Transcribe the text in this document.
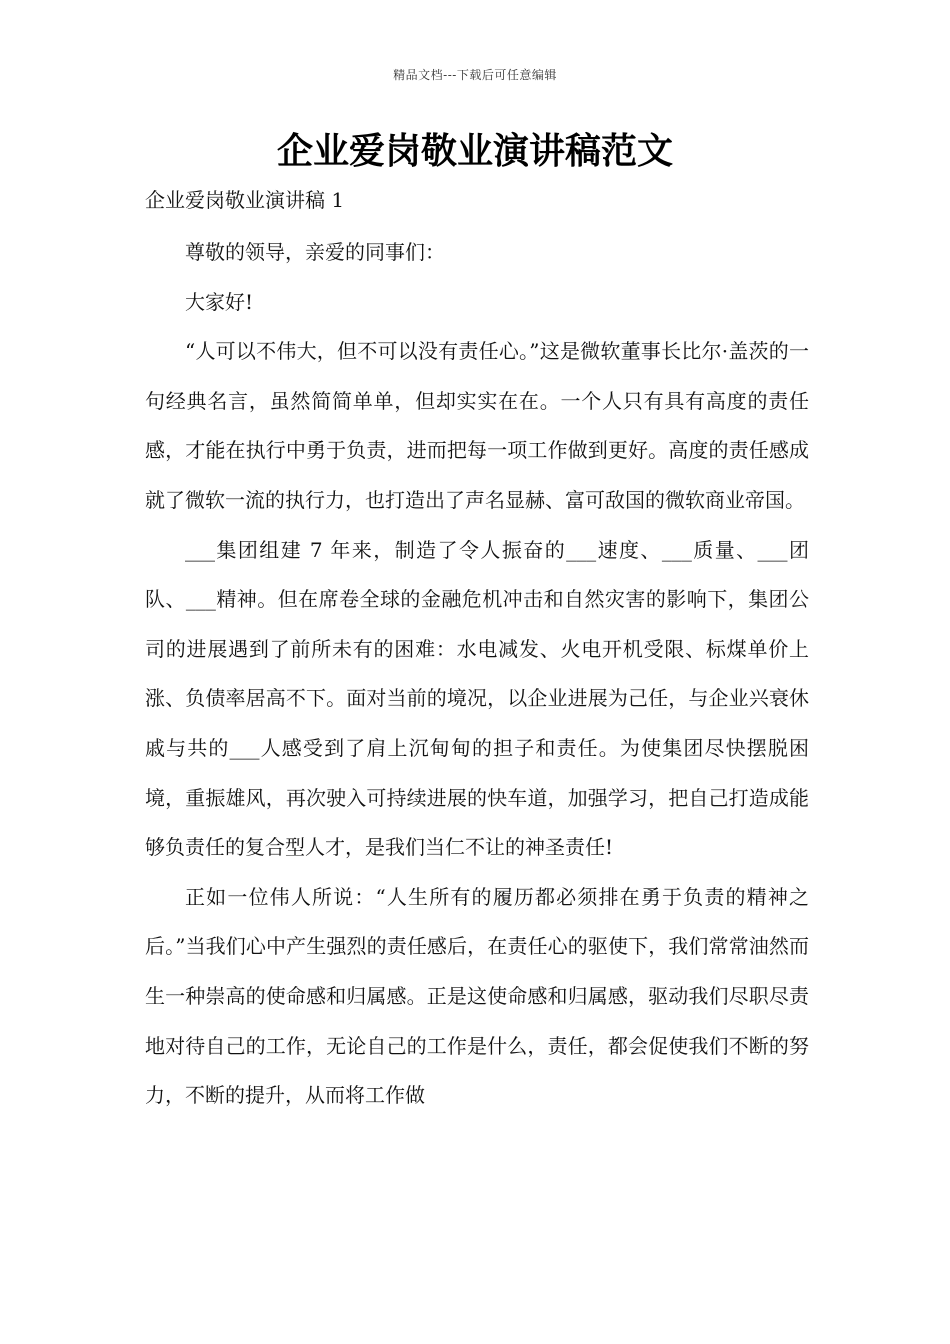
精品文档---下载后可任意编辑
企业爱岗敬业演讲稿范文
企业爱岗敬业演讲稿 1

尊敬的领导，亲爱的同事们：

大家好!

“人可以不伟大，但不可以没有责任心。”这是微软董事长比尔·盖茨的一句经典名言，虽然简简单单，但却实实在在。一个人只有具有高度的责任感，才能在执行中勇于负责，进而把每一项工作做到更好。高度的责任感成就了微软一流的执行力，也打造出了声名显赫、富可敌国的微软商业帝国。

___集团组建 7 年来，制造了令人振奋的___速度、___质量、___团队、___精神。但在席卷全球的金融危机冲击和自然灾害的影响下，集团公司的进展遇到了前所未有的困难：水电减发、火电开机受限、标煤单价上涨、负债率居高不下。面对当前的境况，以企业进展为己任，与企业兴衰休戚与共的___人感受到了肩上沉甸甸的担子和责任。为使集团尽快摆脱困境，重振雄风，再次驶入可持续进展的快车道，加强学习，把自己打造成能够负责任的复合型人才，是我们当仁不让的神圣责任!

正如一位伟人所说：“人生所有的履历都必须排在勇于负责的精神之后。”当我们心中产生强烈的责任感后，在责任心的驱使下，我们常常油然而生一种崇高的使命感和归属感。正是这使命感和归属感，驱动我们尽职尽责地对待自己的工作，无论自己的工作是什么，责任，都会促使我们不断的努力，不断的提升，从而将工作做
